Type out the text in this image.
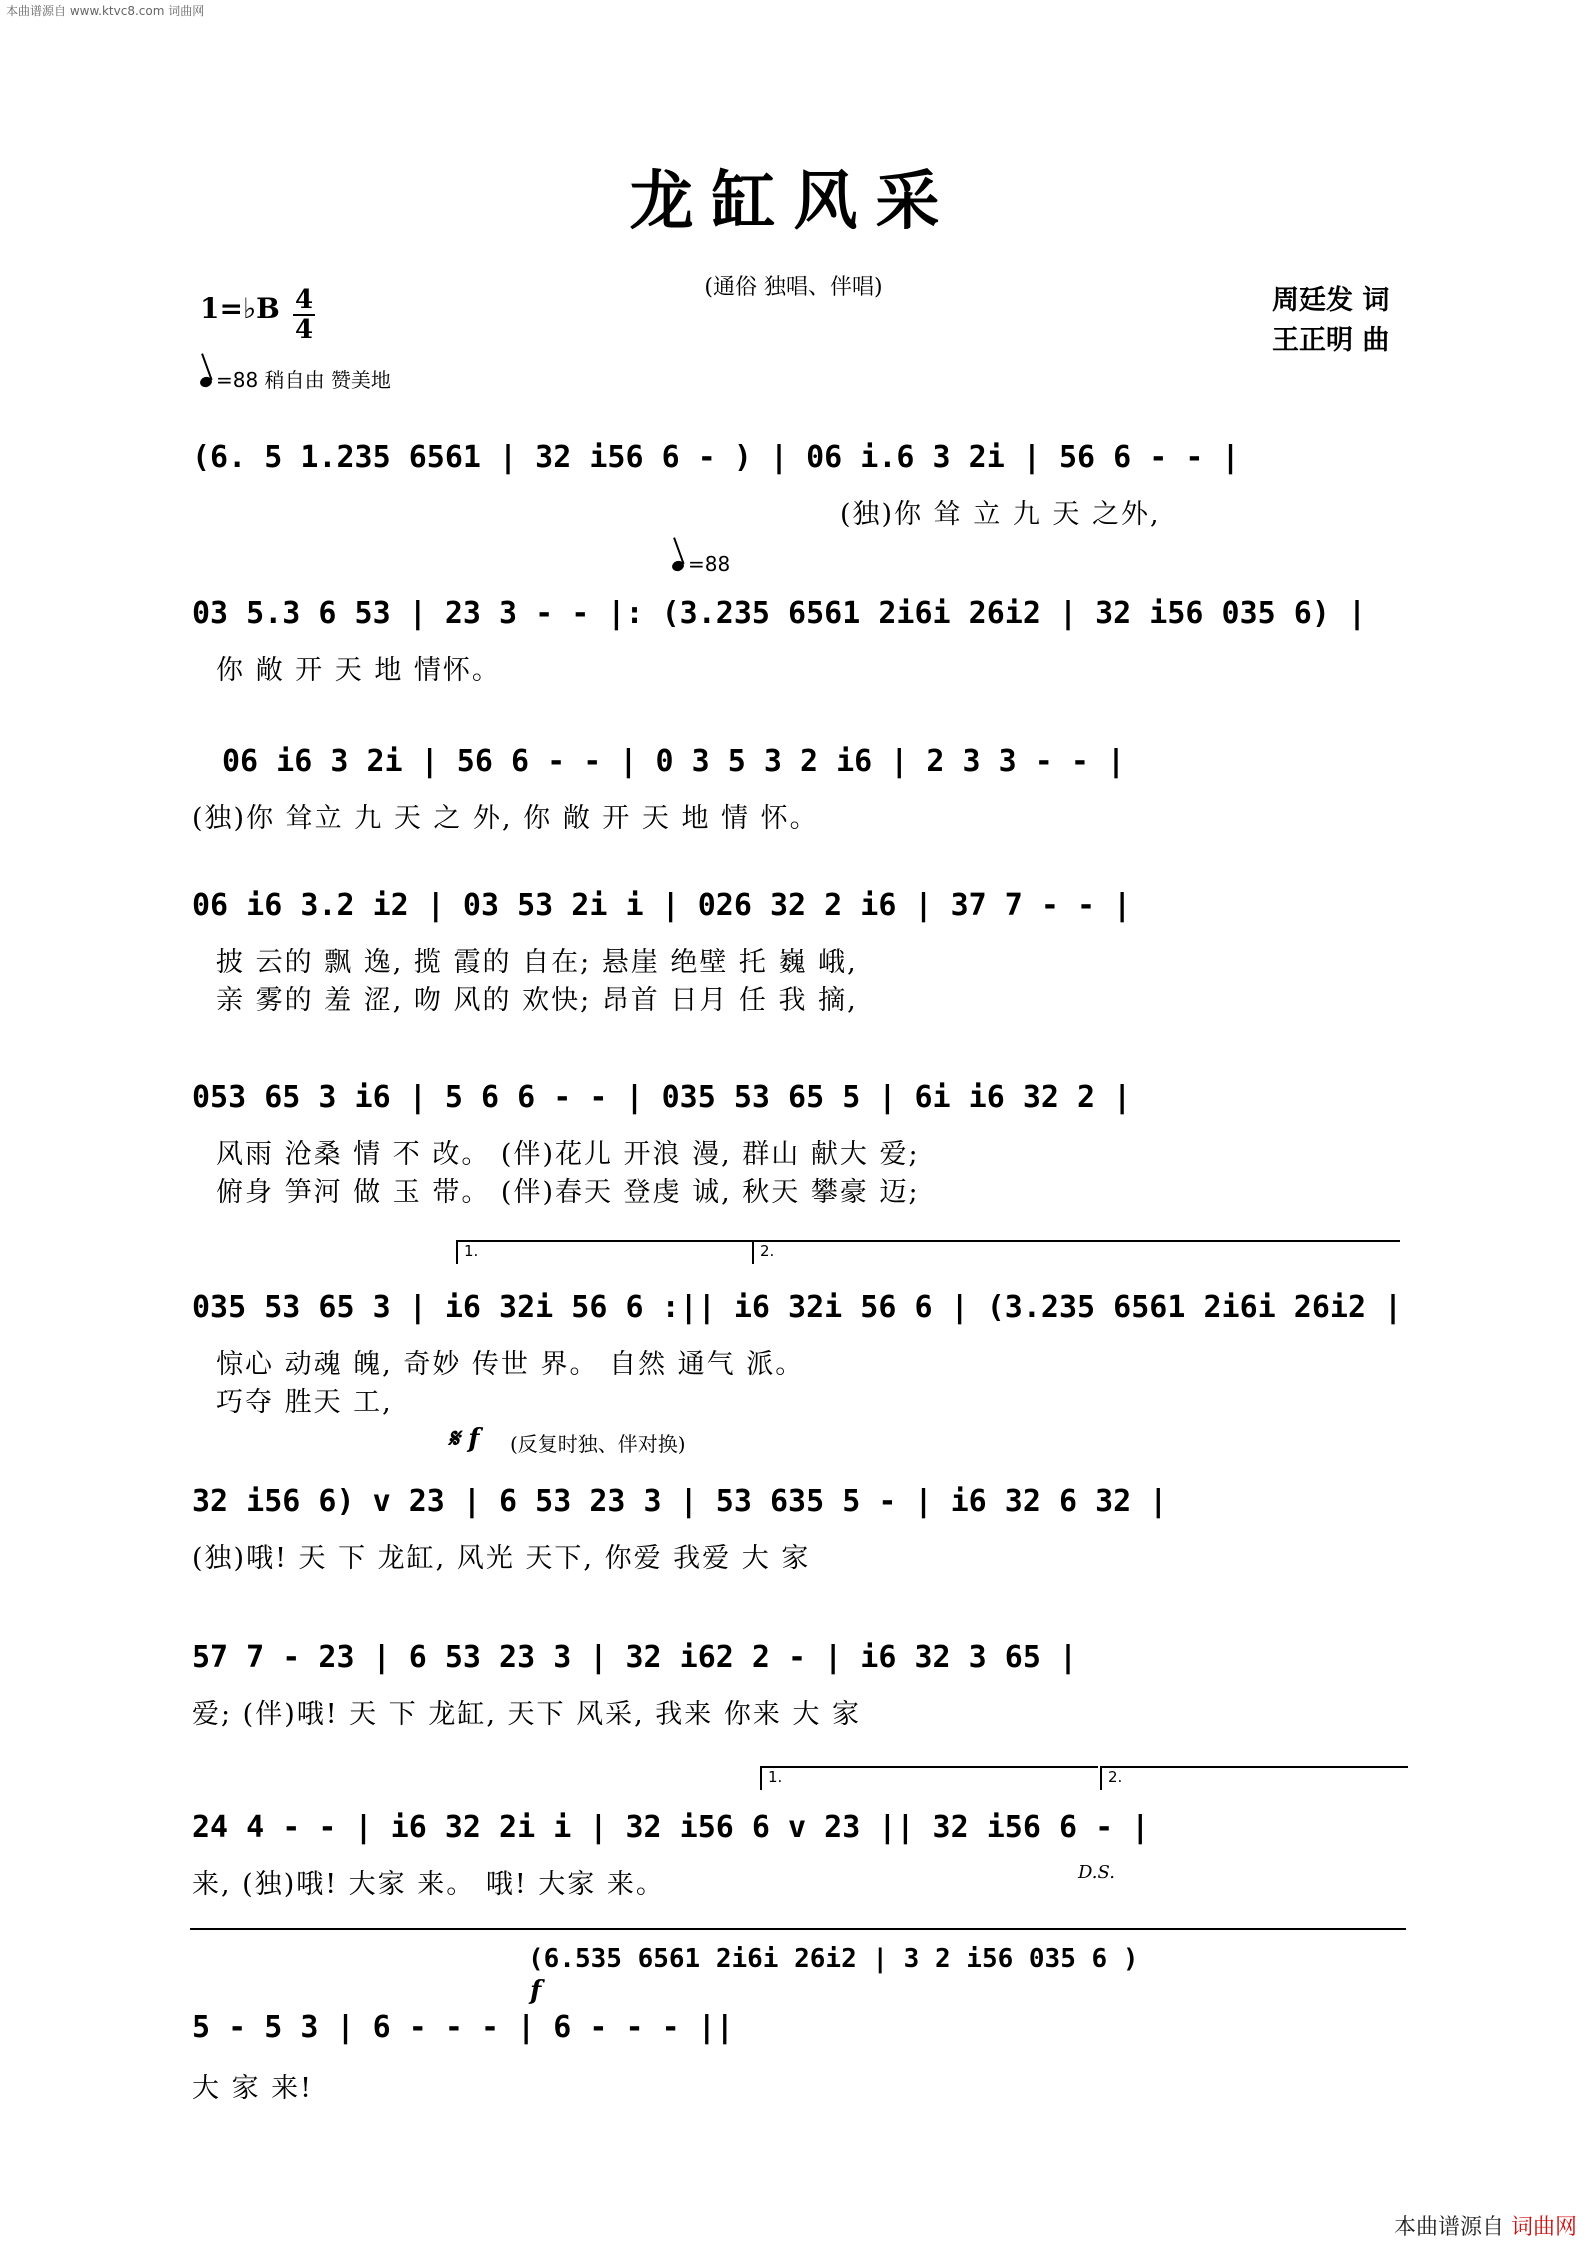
本曲谱源自 www.ktvc8.com 词曲网
龙缸风采
(通俗 独唱、伴唱)	周廷发 词
王正明 曲
1=♭B 4
4
=88 稍自由 赞美地
=88
(6. 5 1.235 6561 | 32 i56 6 - ) | 06 i.6 3 2i | 56 6 - - |
(独)你 耸 立 九 天 之外,
03 5.3 6 53 | 23 3 - - |: (3.235 6561 2i6i 26i2 | 32 i56 035 6) |
你 敞 开 天 地 情怀。
06 i6 3 2i | 56 6 - - | 0 3 5 3 2 i6 | 2 3 3 - - |
(独)你 耸立 九 天 之 外, 你 敞 开 天 地 情 怀。
06 i6 3.2 i2 | 03 53 2i i | 026 32 2 i6 | 37 7 - - |
披 云的 飘 逸, 揽 霞的 自在; 悬崖 绝壁 托 巍 峨,
亲 雾的 羞 涩, 吻 风的 欢快; 昂首 日月 任 我 摘,
053 65 3 i6 | 5 6 6 - - | 035 53 65 5 | 6i i6 32 2 |
风雨 沧桑 情 不 改。 (伴)花儿 开浪 漫, 群山 献大 爱;
俯身 笋河 做 玉 带。 (伴)春天 登虔 诚, 秋天 攀豪 迈;
1.	2.
035 53 65 3 | i6 32i 56 6 :|| i6 32i 56 6 | (3.235 6561 2i6i 26i2 |
惊心 动魂 魄, 奇妙 传世 界。 自然 通气 派。
巧夺 胜天 工,
𝄋 f (反复时独、伴对换)
32 i56 6) v 23 | 6 53 23 3 | 53 635 5 - | i6 32 6 32 |
(独)哦! 天 下 龙缸, 风光 天下, 你爱 我爱 大 家
57 7 - 23 | 6 53 23 3 | 32 i62 2 - | i6 32 3 65 |
爱; (伴)哦! 天 下 龙缸, 天下 风采, 我来 你来 大 家
1.	2.
D.S.
24 4 - - | i6 32 2i i | 32 i56 6 v 23 || 32 i56 6 - |
来, (独)哦! 大家 来。 哦! 大家 来。
(6.535 6561 2i6i 26i2 | 3 2 i56 035 6 )
f
5 - 5 3 | 6 - - - | 6 - - - ||
大 家 来!
本曲谱源自 词曲网
